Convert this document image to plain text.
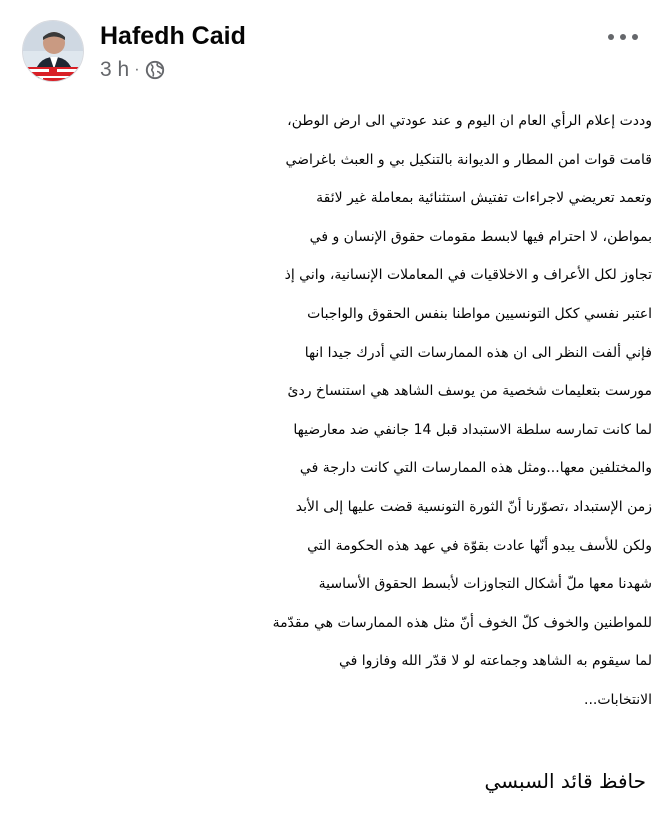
Hafedh Caid
3 h ·
وددت إعلام الرأي العام ان اليوم و عند عودتي الى ارض الوطن،
قامت قوات امن المطار و الديوانة بالتنكيل بي و العبث باغراضي
وتعمد تعريضي لاجراءات تفتيش استثنائية بمعاملة غير لائقة
بمواطن، لا احترام فيها لابسط مقومات حقوق الإنسان و في
تجاوز لكل الأعراف و الاخلاقيات في المعاملات الإنسانية، واني إذ
اعتبر نفسي ككل التونسيين مواطنا بنفس الحقوق والواجبات
فإني ألفت النظر الى ان هذه الممارسات التي أدرك جيدا انها
مورست بتعليمات شخصية من يوسف الشاهد هي استنساخ ردئ
لما كانت تمارسه سلطة الاستبداد قبل 14 جانفي ضد معارضيها
والمختلفين معها...ومثل هذه الممارسات التي كانت دارجة في
زمن الإستبداد ،تصوّرنا أنّ الثورة التونسية قضت عليها إلى الأبد
ولكن للأسف يبدو أنّها عادت بقوّة في عهد هذه الحكومة التي
شهدنا معها ملّ أشكال التجاوزات لأبسط الحقوق الأساسية
للمواطنين والخوف كلّ الخوف أنّ مثل هذه الممارسات هي مقدّمة
لما سيقوم به الشاهد وجماعته لو لا قدّر الله وفازوا في
الانتخابات...
حافظ قائد السبسي
